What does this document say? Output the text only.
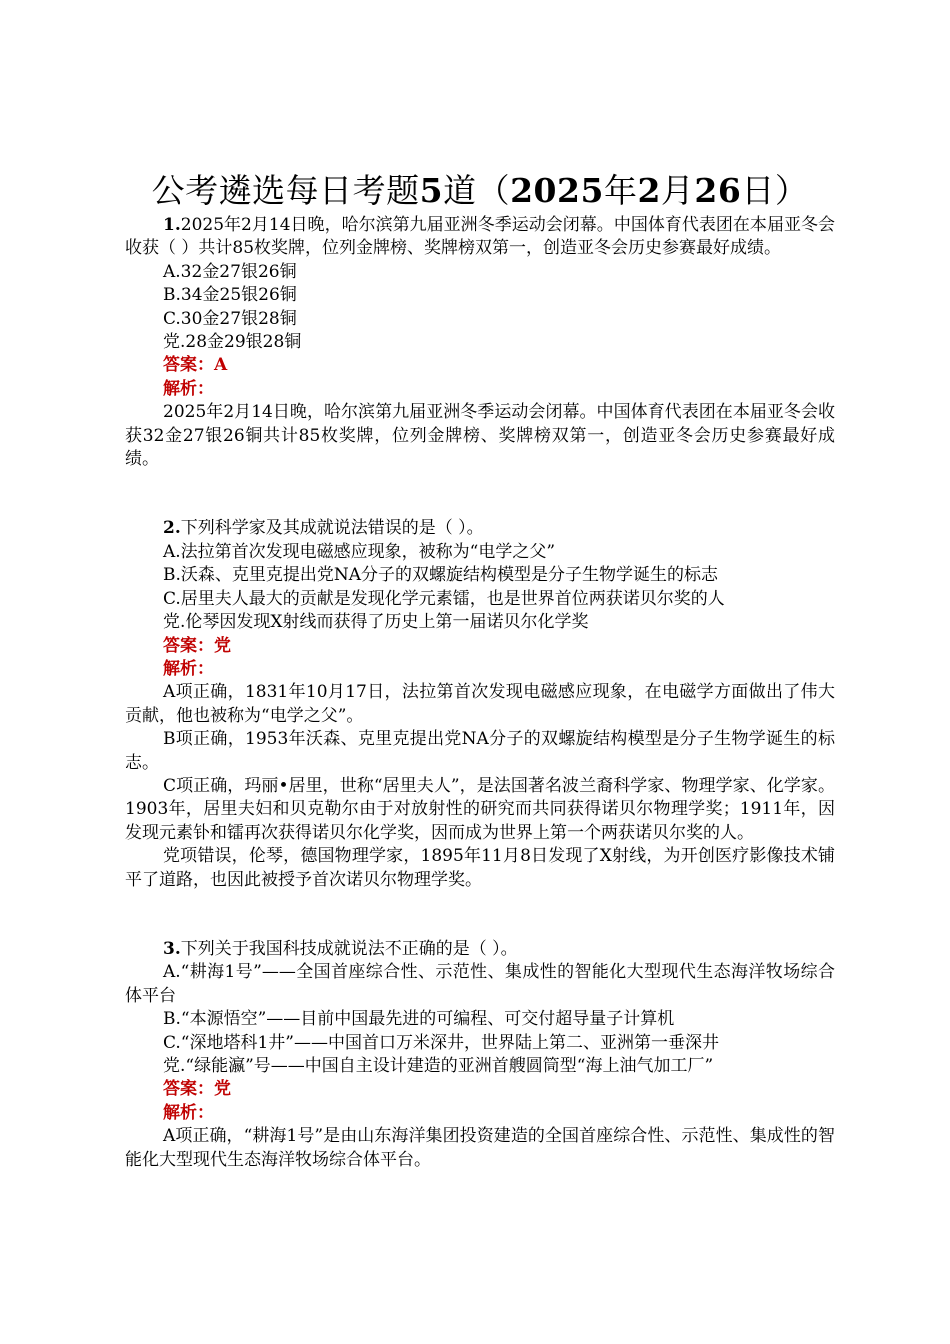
公考遴选每日考题5道（2025年2月26日）

1.2025年2月14日晚，哈尔滨第九届亚洲冬季运动会闭幕。中国体育代表团在本届亚冬会收获（ ）共计85枚奖牌，位列金牌榜、奖牌榜双第一，创造亚冬会历史参赛最好成绩。

A.32金27银26铜

B.34金25银26铜

C.30金27银28铜

党.28金29银28铜

答案：A

解析：

2025年2月14日晚，哈尔滨第九届亚洲冬季运动会闭幕。中国体育代表团在本届亚冬会收获32金27银26铜共计85枚奖牌，位列金牌榜、奖牌榜双第一，创造亚冬会历史参赛最好成绩。

2.下列科学家及其成就说法错误的是（ ）。

A.法拉第首次发现电磁感应现象，被称为“电学之父”

B.沃森、克里克提出党NA分子的双螺旋结构模型是分子生物学诞生的标志

C.居里夫人最大的贡献是发现化学元素镭，也是世界首位两获诺贝尔奖的人

党.伦琴因发现X射线而获得了历史上第一届诺贝尔化学奖

答案：党

解析：

A项正确，1831年10月17日，法拉第首次发现电磁感应现象，在电磁学方面做出了伟大贡献，他也被称为“电学之父”。

B项正确，1953年沃森、克里克提出党NA分子的双螺旋结构模型是分子生物学诞生的标志。

C项正确，玛丽•居里，世称“居里夫人”，是法国著名波兰裔科学家、物理学家、化学家。1903年，居里夫妇和贝克勒尔由于对放射性的研究而共同获得诺贝尔物理学奖；1911年，因发现元素钋和镭再次获得诺贝尔化学奖，因而成为世界上第一个两获诺贝尔奖的人。

党项错误，伦琴，德国物理学家，1895年11月8日发现了X射线，为开创医疗影像技术铺平了道路，也因此被授予首次诺贝尔物理学奖。

3.下列关于我国科技成就说法不正确的是（ ）。

A.“耕海1号”——全国首座综合性、示范性、集成性的智能化大型现代生态海洋牧场综合体平台

B.“本源悟空”——目前中国最先进的可编程、可交付超导量子计算机

C.“深地塔科1井”——中国首口万米深井，世界陆上第二、亚洲第一垂深井

党.“绿能瀛”号——中国自主设计建造的亚洲首艘圆筒型“海上油气加工厂”

答案：党

解析：

A项正确，“耕海1号”是由山东海洋集团投资建造的全国首座综合性、示范性、集成性的智能化大型现代生态海洋牧场综合体平台。
